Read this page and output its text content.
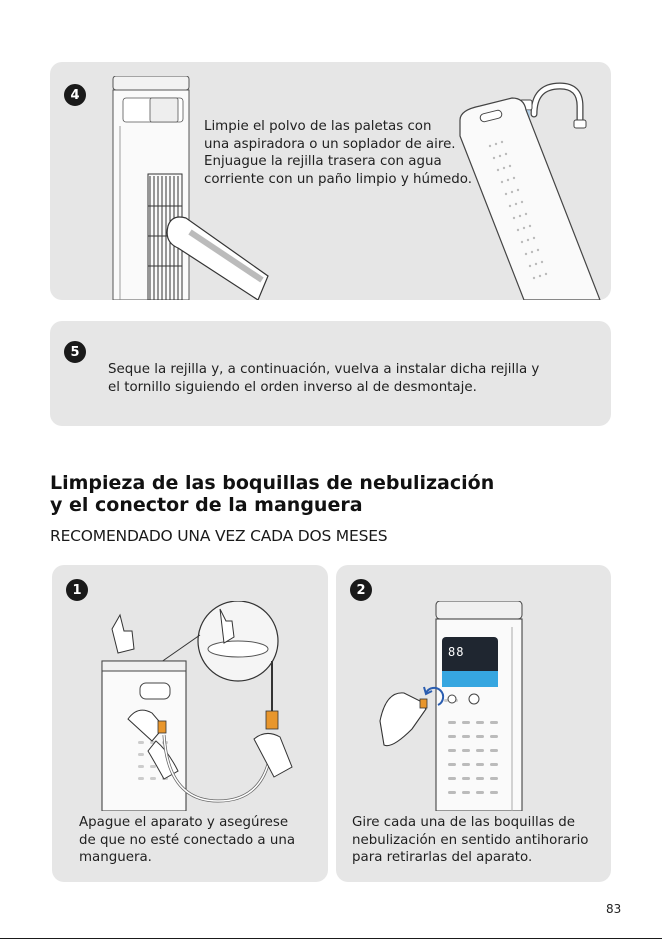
4

Limpie el polvo de las paletas con

una aspiradora o un soplador de aire.

Enjuague la rejilla trasera con agua

corriente con un paño limpio y húmedo.

5

Seque la rejilla y, a continuación, vuelva a instalar dicha rejilla y

el tornillo siguiendo el orden inverso al de desmontaje.

Limpieza de las boquillas de nebulización

y el conector de la manguera

RECOMENDADO UNA VEZ CADA DOS MESES
1

Apague el aparato y asegúrese

de que no esté conectado a una

manguera.

2
88

Gire cada una de las boquillas de

nebulización en sentido antihorario

para retirarlas del aparato.

83
